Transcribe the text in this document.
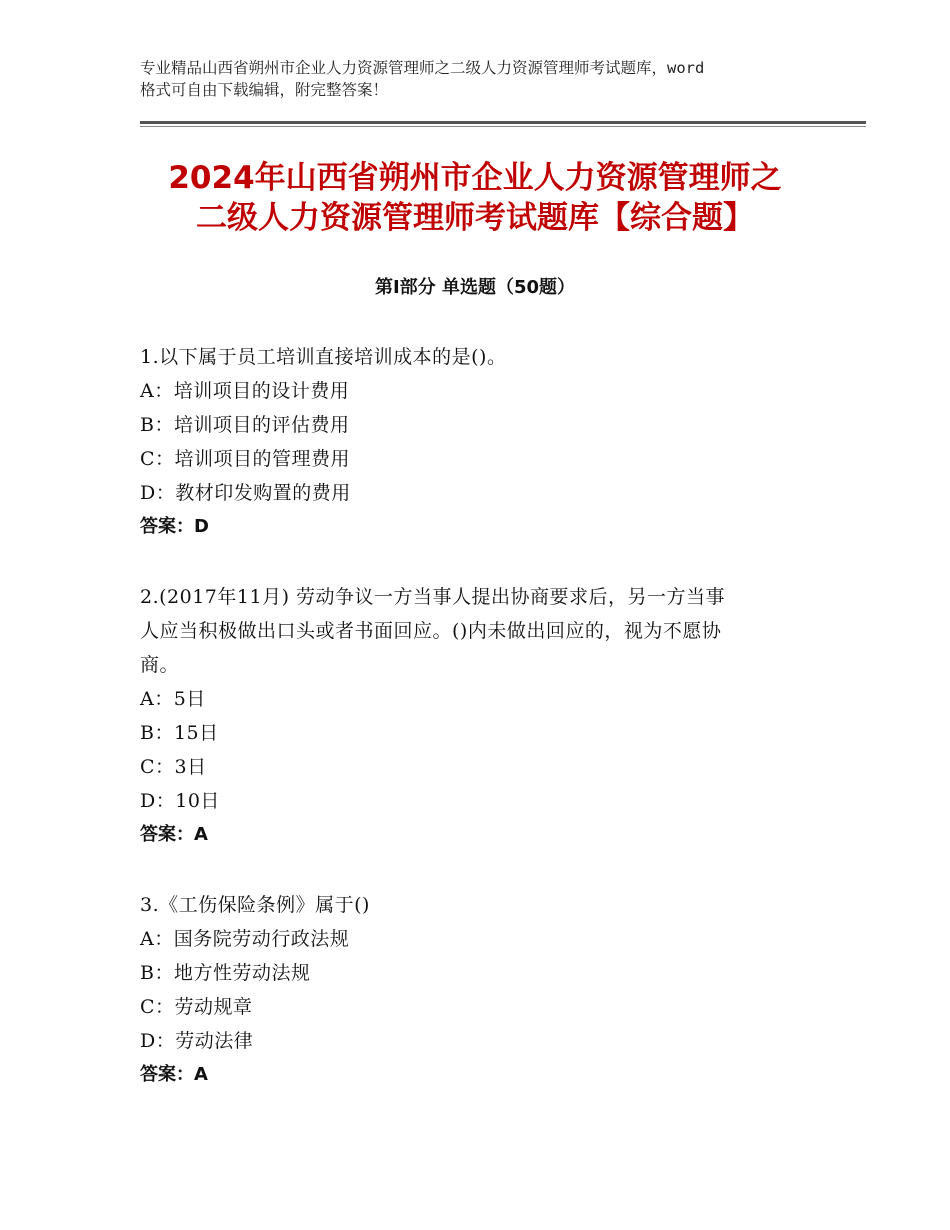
专业精品山西省朔州市企业人力资源管理师之二级人力资源管理师考试题库，word
格式可自由下载编辑，附完整答案！
2024年山西省朔州市企业人力资源管理师之
二级人力资源管理师考试题库【综合题】
第Ⅰ部分 单选题（50题）
1.以下属于员工培训直接培训成本的是()。
A：培训项目的设计费用
B：培训项目的评估费用
C：培训项目的管理费用
D：教材印发购置的费用
答案：D
2.(2017年11月) 劳动争议一方当事人提出协商要求后，另一方当事
人应当积极做出口头或者书面回应。()内未做出回应的，视为不愿协
商。
A：5日
B：15日
C：3日
D：10日
答案：A
3.《工伤保险条例》属于()
A：国务院劳动行政法规
B：地方性劳动法规
C：劳动规章
D：劳动法律
答案：A
